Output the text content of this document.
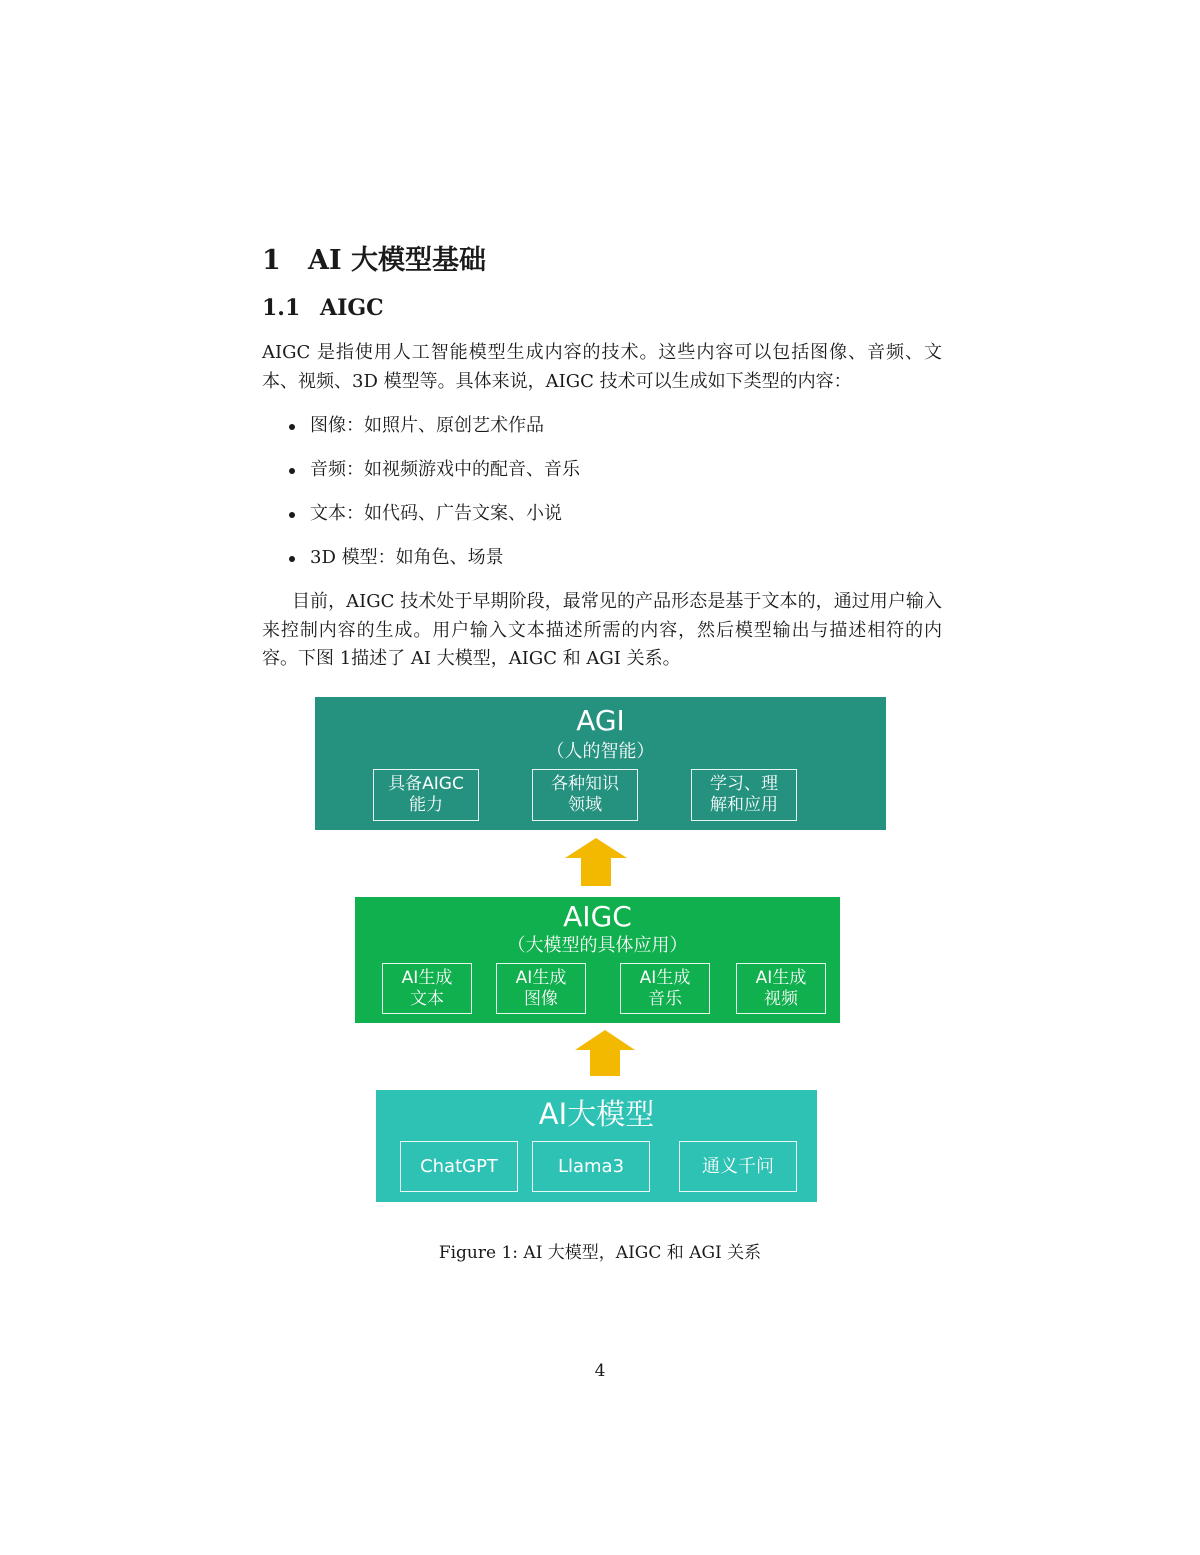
1 AI 大模型基础
1.1 AIGC
AIGC 是指使用人工智能模型生成内容的技术。这些内容可以包括图像、音频、文本、视频、3D 模型等。具体来说，AIGC 技术可以生成如下类型的内容：
图像：如照片、原创艺术作品
音频：如视频游戏中的配音、音乐
文本：如代码、广告文案、小说
3D 模型：如角色、场景
目前，AIGC 技术处于早期阶段，最常见的产品形态是基于文本的，通过用户输入来控制内容的生成。用户输入文本描述所需的内容，然后模型输出与描述相符的内容。下图 1描述了 AI 大模型，AIGC 和 AGI 关系。
AGI
（人的智能）
具备AIGC
能力
各种知识
领域
学习、理
解和应用
AIGC
（大模型的具体应用）
AI生成
文本
AI生成
图像
AI生成
音乐
AI生成
视频
AI大模型
ChatGPT	Llama3	通义千问
Figure 1: AI 大模型，AIGC 和 AGI 关系
4
